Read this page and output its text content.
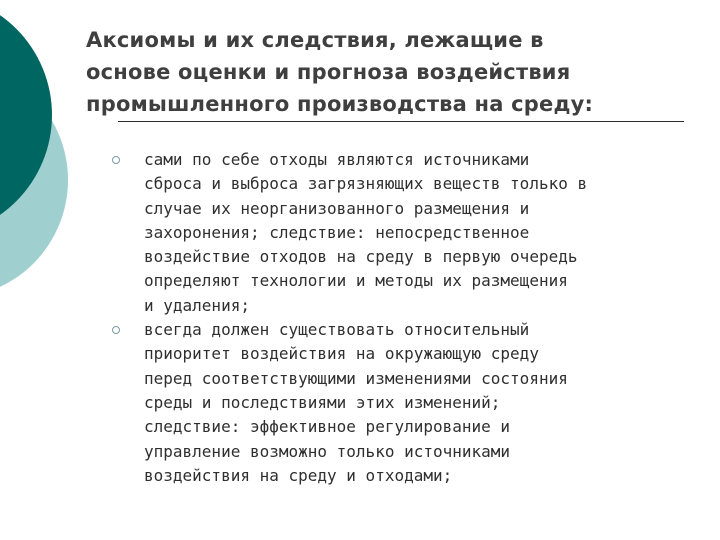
Аксиомы и их следствия, лежащие в
основе оценки и прогноза воздействия
промышленного производства на среду:
сами по себе отходы являются источниками
сброса и выброса загрязняющих веществ только в
случае их неорганизованного размещения и
захоронения; следствие: непосредственное
воздействие отходов на среду в первую очередь
определяют технологии и методы их размещения
и удаления;
всегда должен существовать относительный
приоритет воздействия на окружающую среду
перед соответствующими изменениями состояния
среды и последствиями этих изменений;
следствие: эффективное регулирование и
управление возможно только источниками
воздействия на среду и отходами;
